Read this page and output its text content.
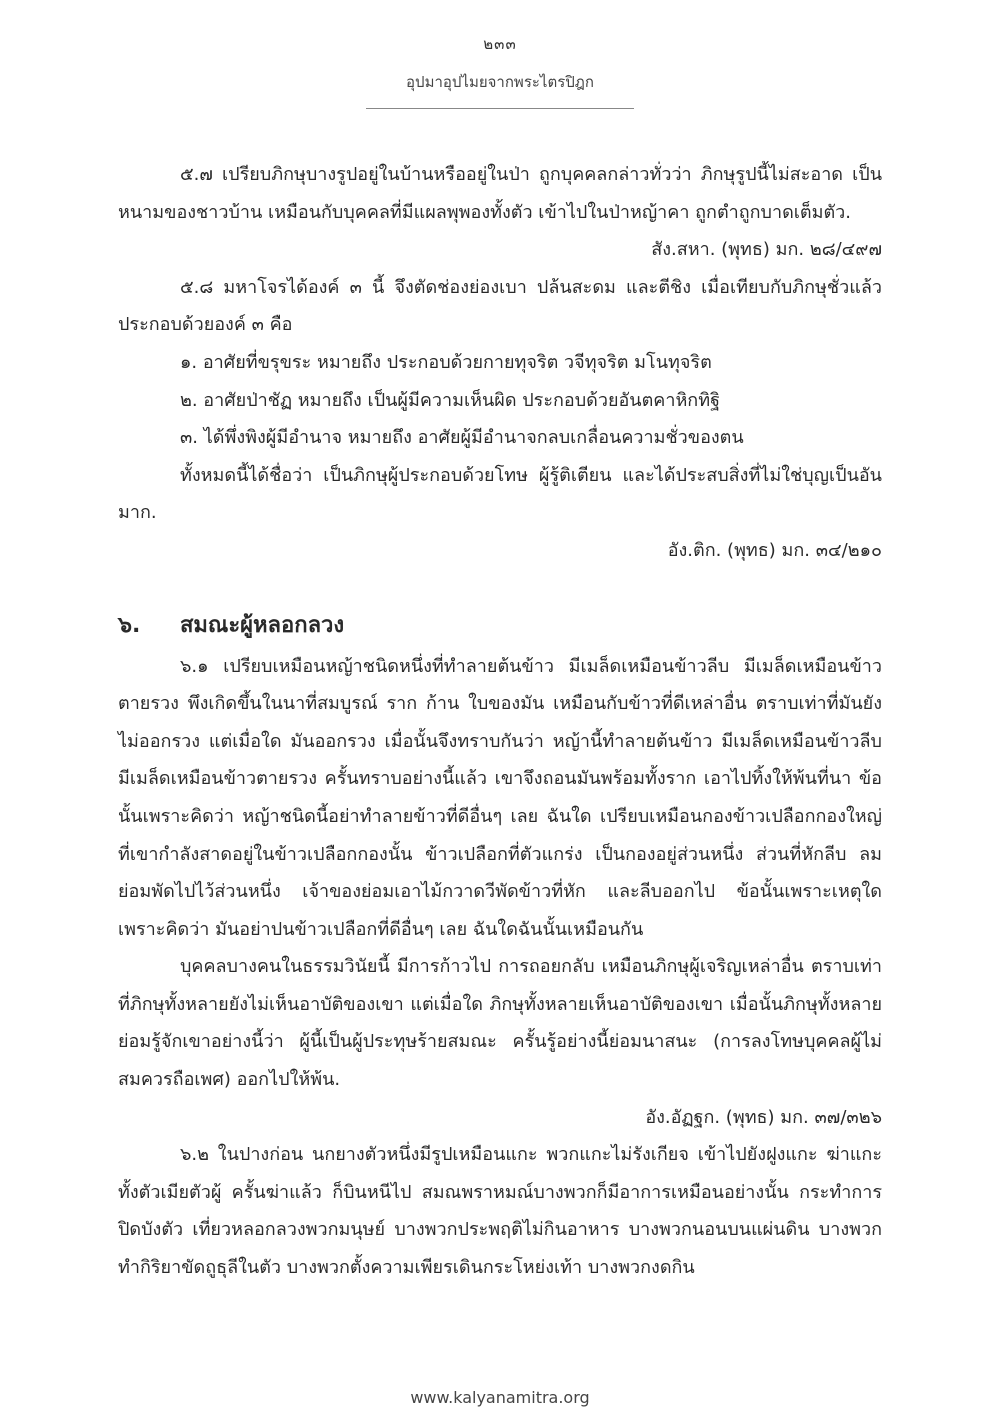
๒๓๓
อุปมาอุปไมยจากพระไตรปิฎก

๕.๗ เปรียบภิกษุบางรูปอยู่ในบ้านหรืออยู่ในป่า ถูกบุคคลกล่าวทั่วว่า ภิกษุรูปนี้ไม่สะอาด เป็นหนามของชาวบ้าน เหมือนกับบุคคลที่มีแผลพุพองทั้งตัว เข้าไปในป่าหญ้าคา ถูกตำถูกบาดเต็มตัว.

สัง.สหา. (พุทธ) มก. ๒๘/๔๙๗

๕.๘ มหาโจรได้องค์ ๓ นี้ จึงตัดช่องย่องเบา ปล้นสะดม และตีชิง เมื่อเทียบกับภิกษุชั่วแล้ว ประกอบด้วยองค์ ๓ คือ

๑. อาศัยที่ขรุขระ หมายถึง ประกอบด้วยกายทุจริต วจีทุจริต มโนทุจริต

๒. อาศัยป่าชัฏ หมายถึง เป็นผู้มีความเห็นผิด ประกอบด้วยอันตคาหิกทิฐิ

๓. ได้พึ่งพิงผู้มีอำนาจ หมายถึง อาศัยผู้มีอำนาจกลบเกลื่อนความชั่วของตน

ทั้งหมดนี้ได้ชื่อว่า เป็นภิกษุผู้ประกอบด้วยโทษ ผู้รู้ติเตียน และได้ประสบสิ่งที่ไม่ใช่บุญเป็นอันมาก.

อัง.ติก. (พุทธ) มก. ๓๔/๒๑๐

๖. สมณะผู้หลอกลวง

๖.๑ เปรียบเหมือนหญ้าชนิดหนึ่งที่ทำลายต้นข้าว มีเมล็ดเหมือนข้าวลีบ มีเมล็ดเหมือนข้าวตายรวง พึงเกิดขึ้นในนาที่สมบูรณ์ ราก ก้าน ใบของมัน เหมือนกับข้าวที่ดีเหล่าอื่น ตราบเท่าที่มันยังไม่ออกรวง แต่เมื่อใด มันออกรวง เมื่อนั้นจึงทราบกันว่า หญ้านี้ทำลายต้นข้าว มีเมล็ดเหมือนข้าวลีบ มีเมล็ดเหมือนข้าวตายรวง ครั้นทราบอย่างนี้แล้ว เขาจึงถอนมันพร้อมทั้งราก เอาไปทิ้งให้พ้นที่นา ข้อนั้นเพราะคิดว่า หญ้าชนิดนี้อย่าทำลายข้าวที่ดีอื่นๆ เลย ฉันใด เปรียบเหมือนกองข้าวเปลือกกองใหญ่ที่เขากำลังสาดอยู่ในข้าวเปลือกกองนั้น ข้าวเปลือกที่ตัวแกร่ง เป็นกองอยู่ส่วนหนึ่ง ส่วนที่หักลีบ ลมย่อมพัดไปไว้ส่วนหนึ่ง เจ้าของย่อมเอาไม้กวาดวีพัดข้าวที่หัก และลีบออกไป ข้อนั้นเพราะเหตุใด เพราะคิดว่า มันอย่าปนข้าวเปลือกที่ดีอื่นๆ เลย ฉันใดฉันนั้นเหมือนกัน

บุคคลบางคนในธรรมวินัยนี้ มีการก้าวไป การถอยกลับ เหมือนภิกษุผู้เจริญเหล่าอื่น ตราบเท่าที่ภิกษุทั้งหลายยังไม่เห็นอาบัติของเขา แต่เมื่อใด ภิกษุทั้งหลายเห็นอาบัติของเขา เมื่อนั้นภิกษุทั้งหลายย่อมรู้จักเขาอย่างนี้ว่า ผู้นี้เป็นผู้ประทุษร้ายสมณะ ครั้นรู้อย่างนี้ย่อมนาสนะ (การลงโทษบุคคลผู้ไม่สมควรถือเพศ) ออกไปให้พ้น.

อัง.อัฏฐก. (พุทธ) มก. ๓๗/๓๒๖

๖.๒ ในปางก่อน นกยางตัวหนึ่งมีรูปเหมือนแกะ พวกแกะไม่รังเกียจ เข้าไปยังฝูงแกะ ฆ่าแกะทั้งตัวเมียตัวผู้ ครั้นฆ่าแล้ว ก็บินหนีไป สมณพราหมณ์บางพวกก็มีอาการเหมือนอย่างนั้น กระทำการปิดบังตัว เที่ยวหลอกลวงพวกมนุษย์ บางพวกประพฤติไม่กินอาหาร บางพวกนอนบนแผ่นดิน บางพวกทำกิริยาขัดถูธุลีในตัว บางพวกตั้งความเพียรเดินกระโหย่งเท้า บางพวกงดกิน

www.kalyanamitra.org
